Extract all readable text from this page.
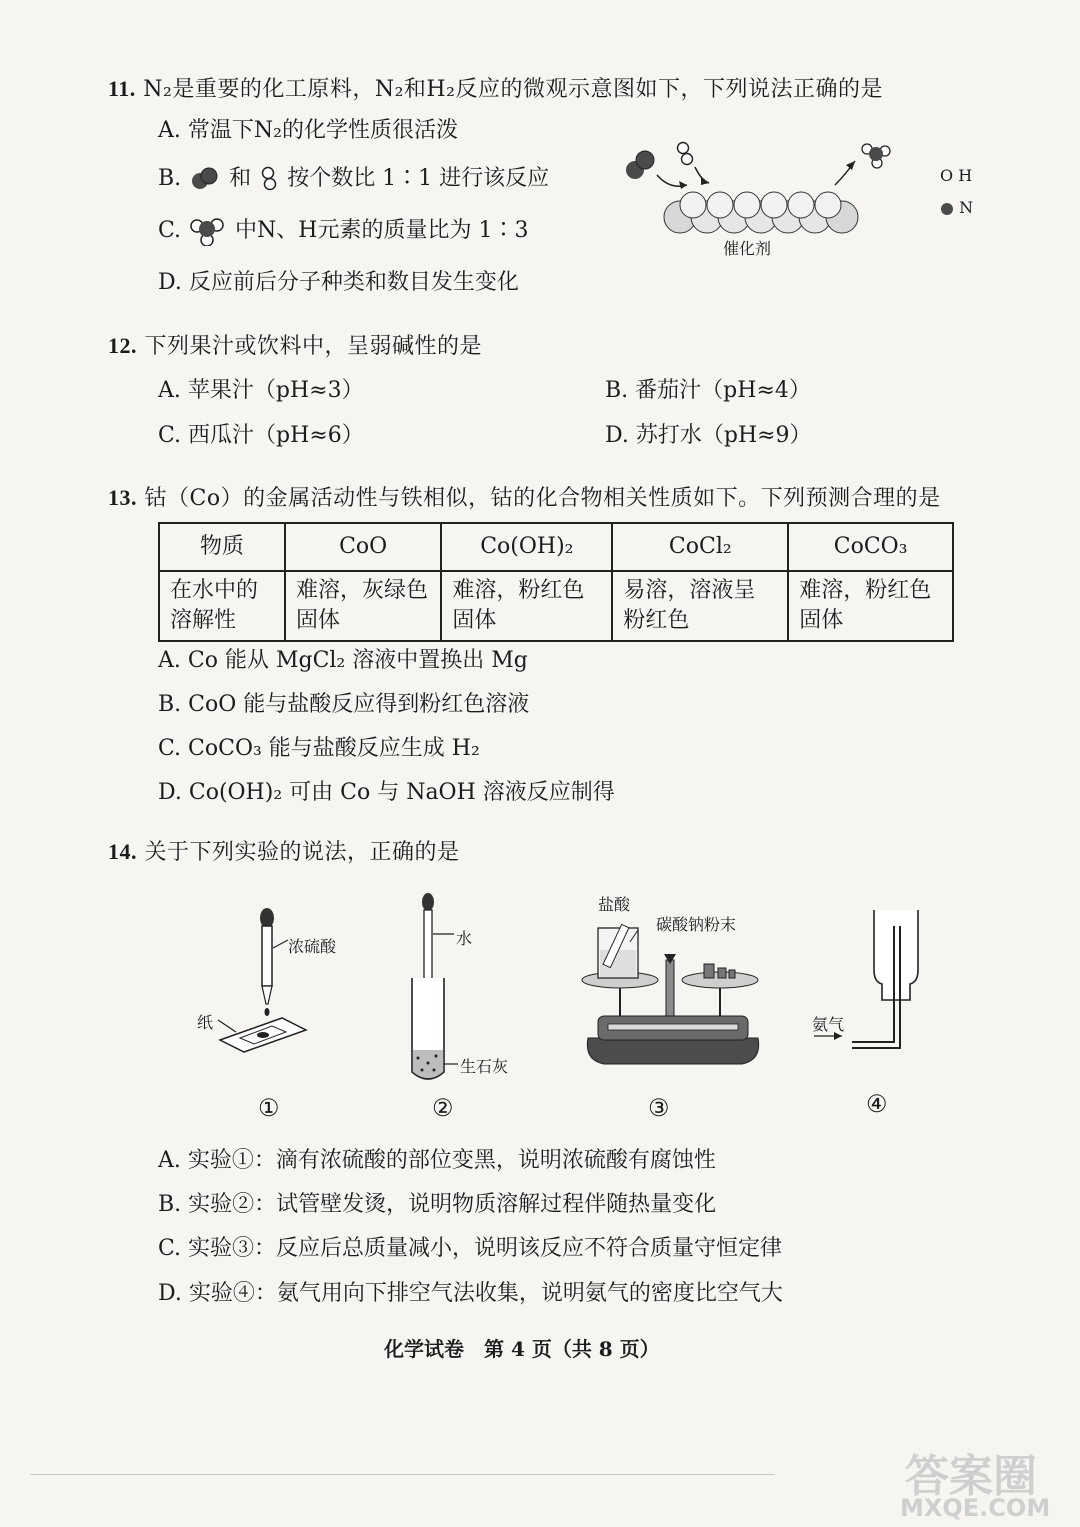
11. N₂是重要的化工原料，N₂和H₂反应的微观示意图如下，下列说法正确的是
A. 常温下N₂的化学性质很活泼
B. 和 按个数比 1∶1 进行该反应
C. 中N、H元素的质量比为 1∶3
D. 反应前后分子种类和数目发生变化
催化剂
O H
N
12. 下列果汁或饮料中，呈弱碱性的是
A. 苹果汁（pH≈3）	B. 番茄汁（pH≈4）
C. 西瓜汁（pH≈6）	D. 苏打水（pH≈9）
13. 钴（Co）的金属活动性与铁相似，钴的化合物相关性质如下。下列预测合理的是
物质	CoO	Co(OH)₂	CoCl₂	CoCO₃
在水中的溶解性	难溶，灰绿色固体	难溶，粉红色固体	易溶，溶液呈粉红色	难溶，粉红色固体
A. Co 能从 MgCl₂ 溶液中置换出 Mg
B. CoO 能与盐酸反应得到粉红色溶液
C. CoCO₃ 能与盐酸反应生成 H₂
D. Co(OH)₂ 可由 Co 与 NaOH 溶液反应制得
14. 关于下列实验的说法，正确的是
浓硫酸
纸
①
水
生石灰
②
盐酸
碳酸钠粉末
③
氨气
④
A. 实验①：滴有浓硫酸的部位变黑，说明浓硫酸有腐蚀性
B. 实验②：试管壁发烫，说明物质溶解过程伴随热量变化
C. 实验③：反应后总质量减小，说明该反应不符合质量守恒定律
D. 实验④：氨气用向下排空气法收集，说明氨气的密度比空气大
化学试卷　第 4 页（共 8 页）
答案圈
MXQE.COM
